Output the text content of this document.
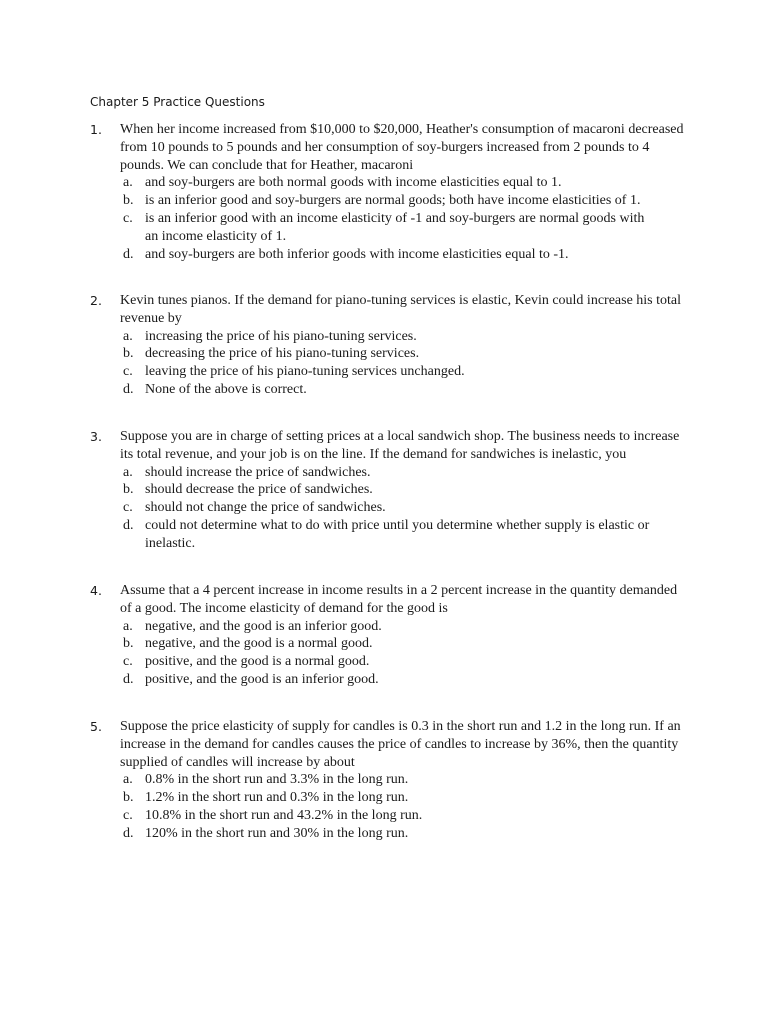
Chapter 5 Practice Questions
1.	When her income increased from $10,000 to $20,000, Heather's consumption of macaroni decreased
from 10 pounds to 5 pounds and her consumption of soy-burgers increased from 2 pounds to 4
pounds. We can conclude that for Heather, macaroni
a. and soy-burgers are both normal goods with income elasticities equal to 1.
b. is an inferior good and soy-burgers are normal goods; both have income elasticities of 1.
c. is an inferior good with an income elasticity of -1 and soy-burgers are normal goods with
an income elasticity of 1.
d. and soy-burgers are both inferior goods with income elasticities equal to -1.
2.	Kevin tunes pianos. If the demand for piano-tuning services is elastic, Kevin could increase his total
revenue by
a. increasing the price of his piano-tuning services.
b. decreasing the price of his piano-tuning services.
c. leaving the price of his piano-tuning services unchanged.
d. None of the above is correct.
3.	Suppose you are in charge of setting prices at a local sandwich shop. The business needs to increase
its total revenue, and your job is on the line. If the demand for sandwiches is inelastic, you
a. should increase the price of sandwiches.
b. should decrease the price of sandwiches.
c. should not change the price of sandwiches.
d. could not determine what to do with price until you determine whether supply is elastic or
inelastic.
4.	Assume that a 4 percent increase in income results in a 2 percent increase in the quantity demanded
of a good. The income elasticity of demand for the good is
a. negative, and the good is an inferior good.
b. negative, and the good is a normal good.
c. positive, and the good is a normal good.
d. positive, and the good is an inferior good.
5.	Suppose the price elasticity of supply for candles is 0.3 in the short run and 1.2 in the long run. If an
increase in the demand for candles causes the price of candles to increase by 36%, then the quantity
supplied of candles will increase by about
a. 0.8% in the short run and 3.3% in the long run.
b. 1.2% in the short run and 0.3% in the long run.
c. 10.8% in the short run and 43.2% in the long run.
d. 120% in the short run and 30% in the long run.
